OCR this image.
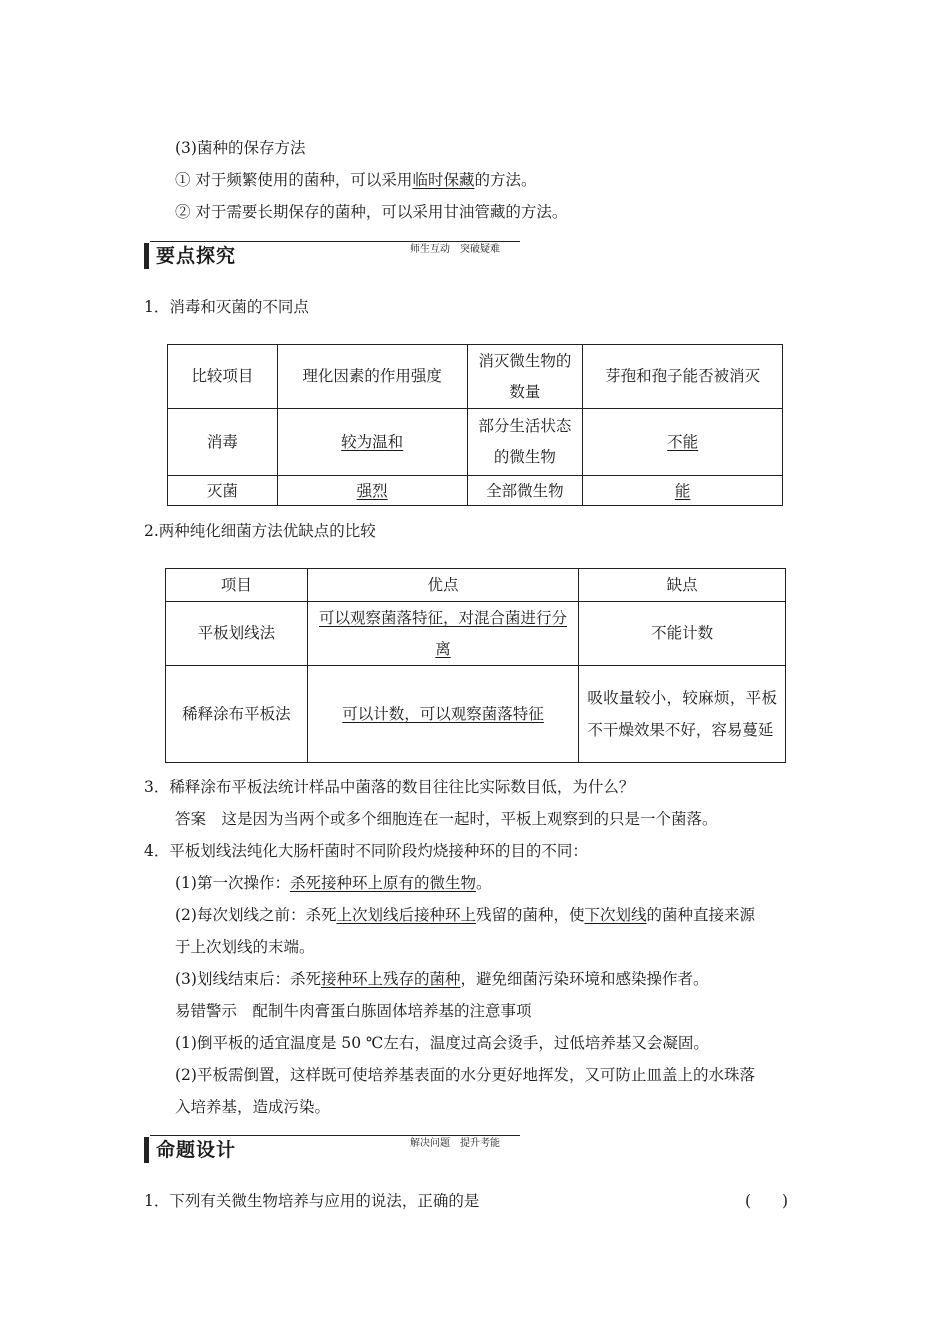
(3)菌种的保存方法
① 对于频繁使用的菌种，可以采用临时保藏的方法。
② 对于需要长期保存的菌种，可以采用甘油管藏的方法。
要点探究	师生互动　突破疑难
1．消毒和灭菌的不同点
比较项目	理化因素的作用强度	消灭微生物的数量	芽孢和孢子能否被消灭
消毒	较为温和	部分生活状态的微生物	不能
灭菌	强烈	全部微生物	能
2.两种纯化细菌方法优缺点的比较
项目	优点	缺点
平板划线法	可以观察菌落特征，对混合菌进行分离	不能计数
稀释涂布平板法	可以计数，可以观察菌落特征	吸收量较小，较麻烦，平板不干燥效果不好，容易蔓延
3．稀释涂布平板法统计样品中菌落的数目往往比实际数目低，为什么？
答案　这是因为当两个或多个细胞连在一起时，平板上观察到的只是一个菌落。
4．平板划线法纯化大肠杆菌时不同阶段灼烧接种环的目的不同：
(1)第一次操作：杀死接种环上原有的微生物。
(2)每次划线之前：杀死上次划线后接种环上残留的菌种，使下次划线的菌种直接来源
于上次划线的末端。
(3)划线结束后：杀死接种环上残存的菌种，避免细菌污染环境和感染操作者。
易错警示　配制牛肉膏蛋白胨固体培养基的注意事项
(1)倒平板的适宜温度是 50 ℃左右，温度过高会烫手，过低培养基又会凝固。
(2)平板需倒置，这样既可使培养基表面的水分更好地挥发，又可防止皿盖上的水珠落
入培养基，造成污染。
命题设计	解决问题　提升考能
1．下列有关微生物培养与应用的说法，正确的是	(　　)
